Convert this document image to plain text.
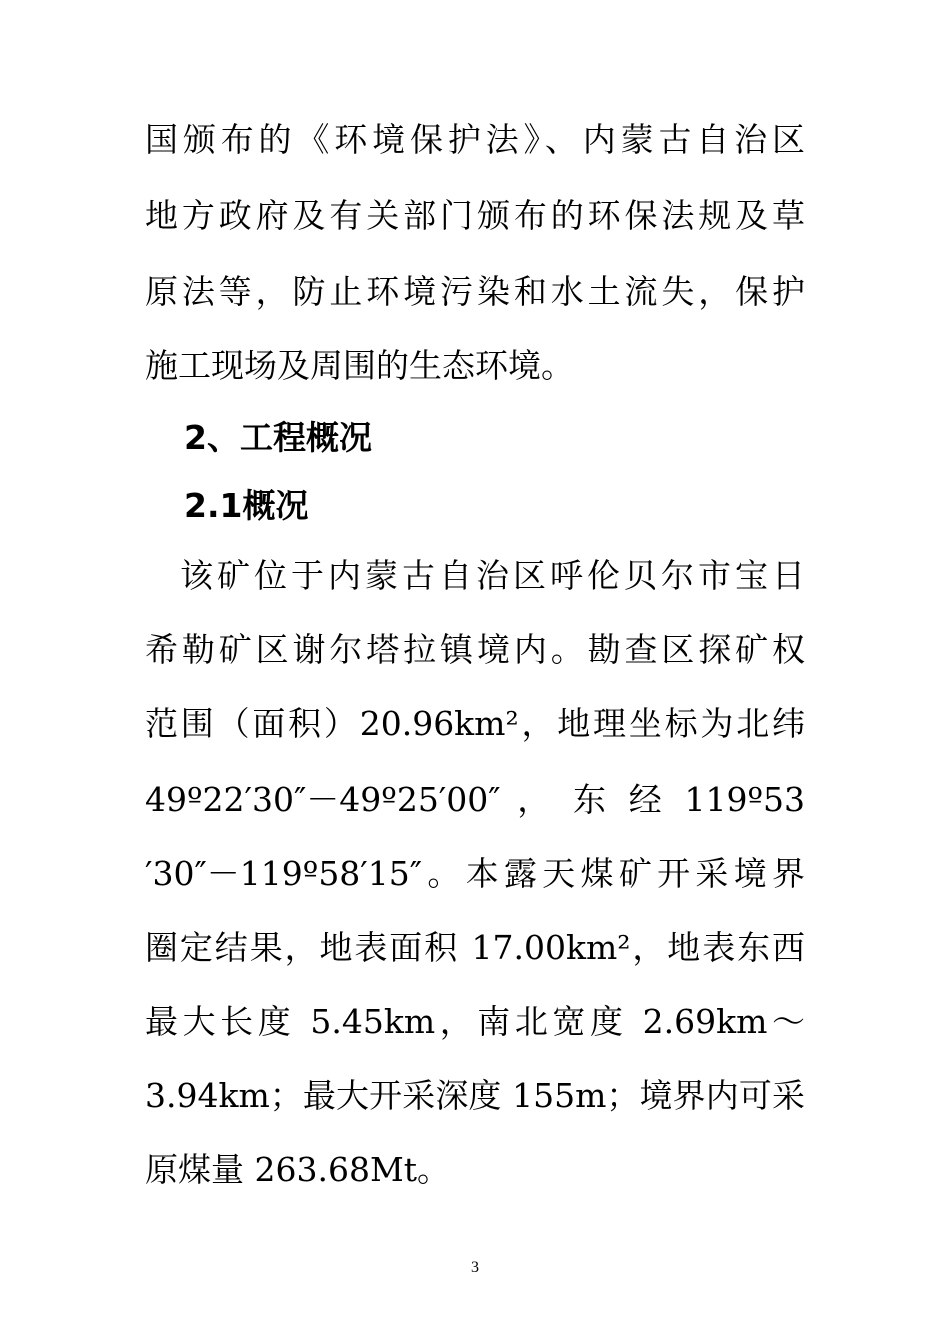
国颁布的《环境保护法》、内蒙古自治区
地方政府及有关部门颁布的环保法规及草
原法等，防止环境污染和水土流失，保护
施工现场及周围的生态环境。
2、工程概况
2.1概况
该矿位于内蒙古自治区呼伦贝尔市宝日
希勒矿区谢尔塔拉镇境内。勘查区探矿权
范围（面积）20.96km²，地理坐标为北纬
49º22′30″－49º25′00″ ， 东 经 119º53
′30″－119º58′15″。本露天煤矿开采境界
圈定结果，地表面积 17.00km²，地表东西
最大长度 5.45km，南北宽度 2.69km～
3.94km；最大开采深度 155m；境界内可采
原煤量 263.68Mt。
3
